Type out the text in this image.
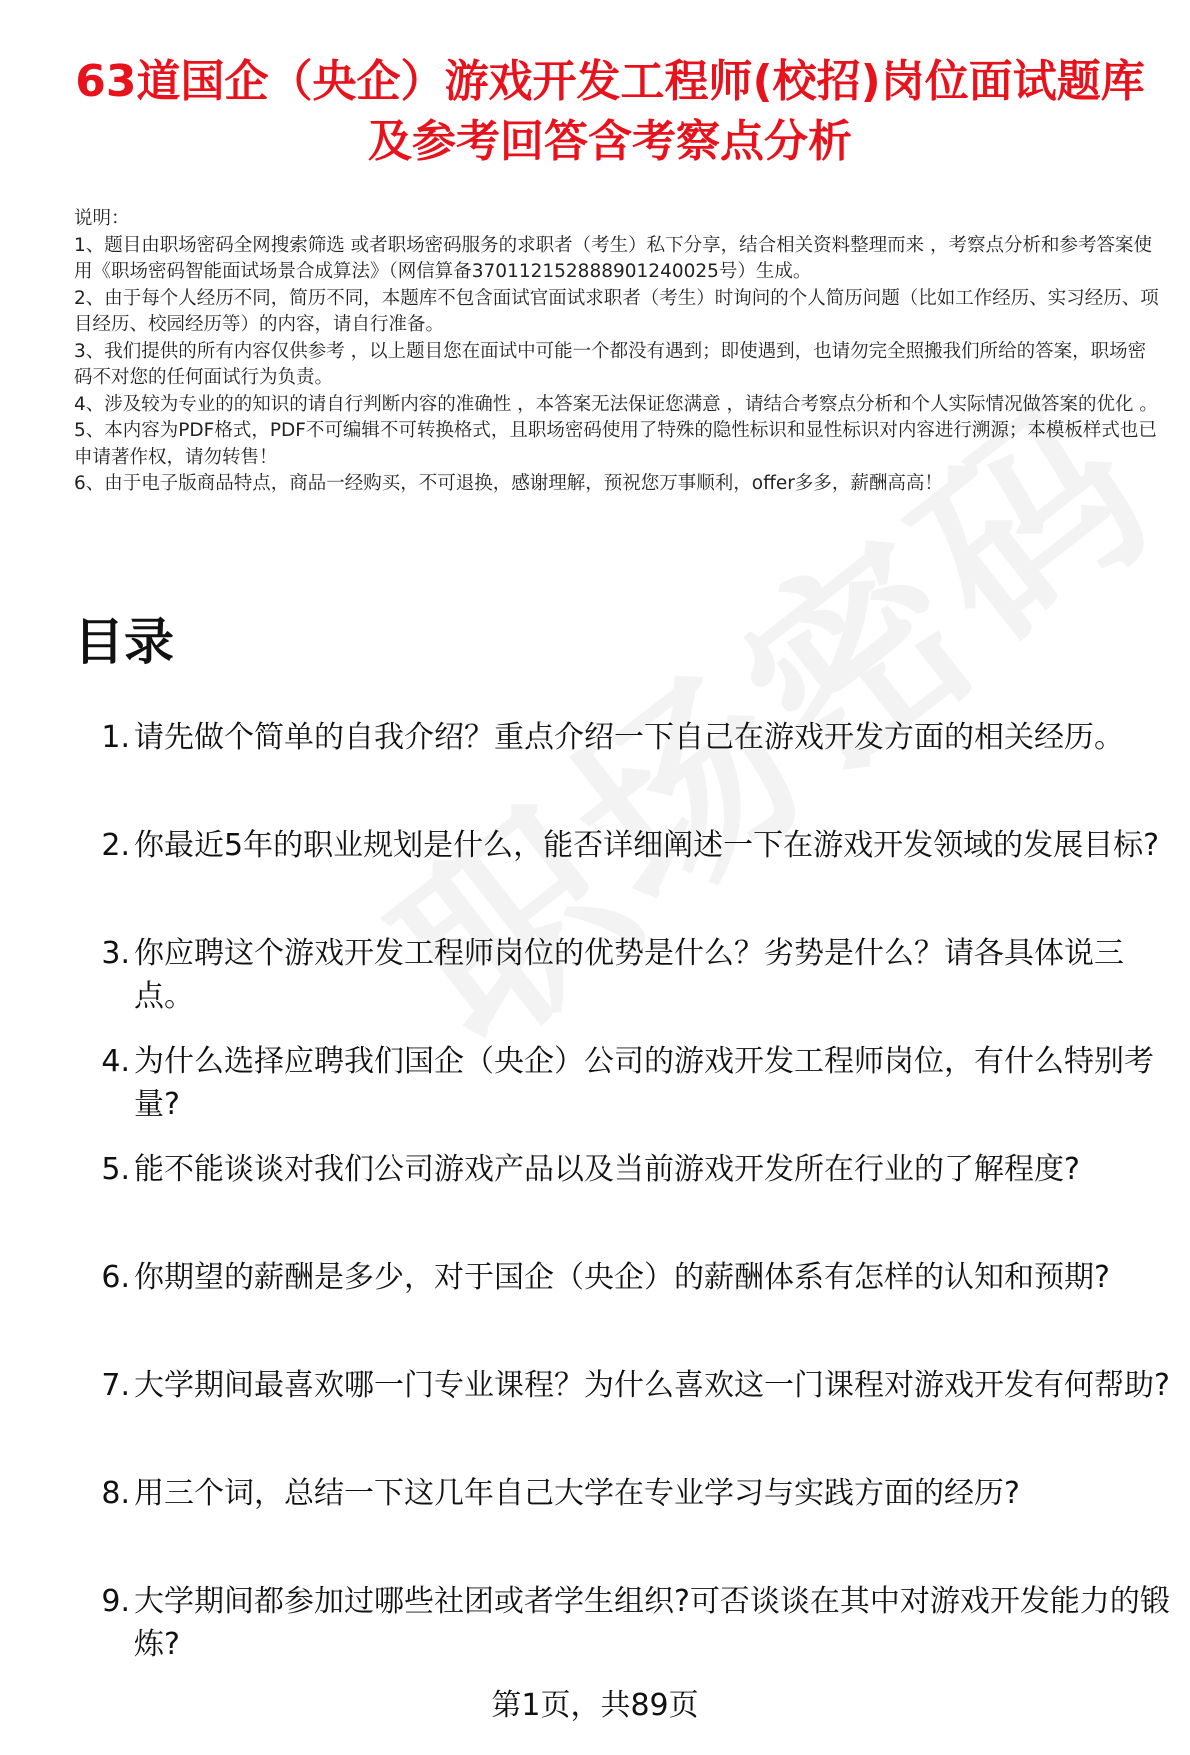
63道国企（央企）游戏开发工程师(校招)岗位面试题库及参考回答含考察点分析

说明：

1、题目由职场密码全网搜索筛选 或者职场密码服务的求职者（考生）私下分享，结合相关资料整理而来 ，考察点分析和参考答案使用《职场密码智能面试场景合成算法》（网信算备370112152888901240025号）生成。

2、由于每个人经历不同，简历不同，本题库不包含面试官面试求职者（考生）时询问的个人简历问题（比如工作经历、实习经历、项目经历、校园经历等）的内容，请自行准备。

3、我们提供的所有内容仅供参考 ，以上题目您在面试中可能一个都没有遇到；即使遇到，也请勿完全照搬我们所给的答案，职场密码不对您的任何面试行为负责。

4、涉及较为专业的的知识的请自行判断内容的准确性 ，本答案无法保证您满意 ，请结合考察点分析和个人实际情况做答案的优化 。

5、本内容为PDF格式，PDF不可编辑不可转换格式，且职场密码使用了特殊的隐性标识和显性标识对内容进行溯源；本模板样式也已申请著作权，请勿转售！

6、由于电子版商品特点，商品一经购买，不可退换，感谢理解，预祝您万事顺利，offer多多，薪酬高高！

目录
1. 请先做个简单的自我介绍？重点介绍一下自己在游戏开发方面的相关经历。
2. 你最近5年的职业规划是什么，能否详细阐述一下在游戏开发领域的发展目标?
3. 你应聘这个游戏开发工程师岗位的优势是什么？劣势是什么？请各具体说三点。
4. 为什么选择应聘我们国企（央企）公司的游戏开发工程师岗位，有什么特别考量?
5. 能不能谈谈对我们公司游戏产品以及当前游戏开发所在行业的了解程度?
6. 你期望的薪酬是多少，对于国企（央企）的薪酬体系有怎样的认知和预期?
7. 大学期间最喜欢哪一门专业课程？为什么喜欢这一门课程对游戏开发有何帮助?
8. 用三个词，总结一下这几年自己大学在专业学习与实践方面的经历?
9. 大学期间都参加过哪些社团或者学生组织?可否谈谈在其中对游戏开发能力的锻炼?
第1页，共89页
